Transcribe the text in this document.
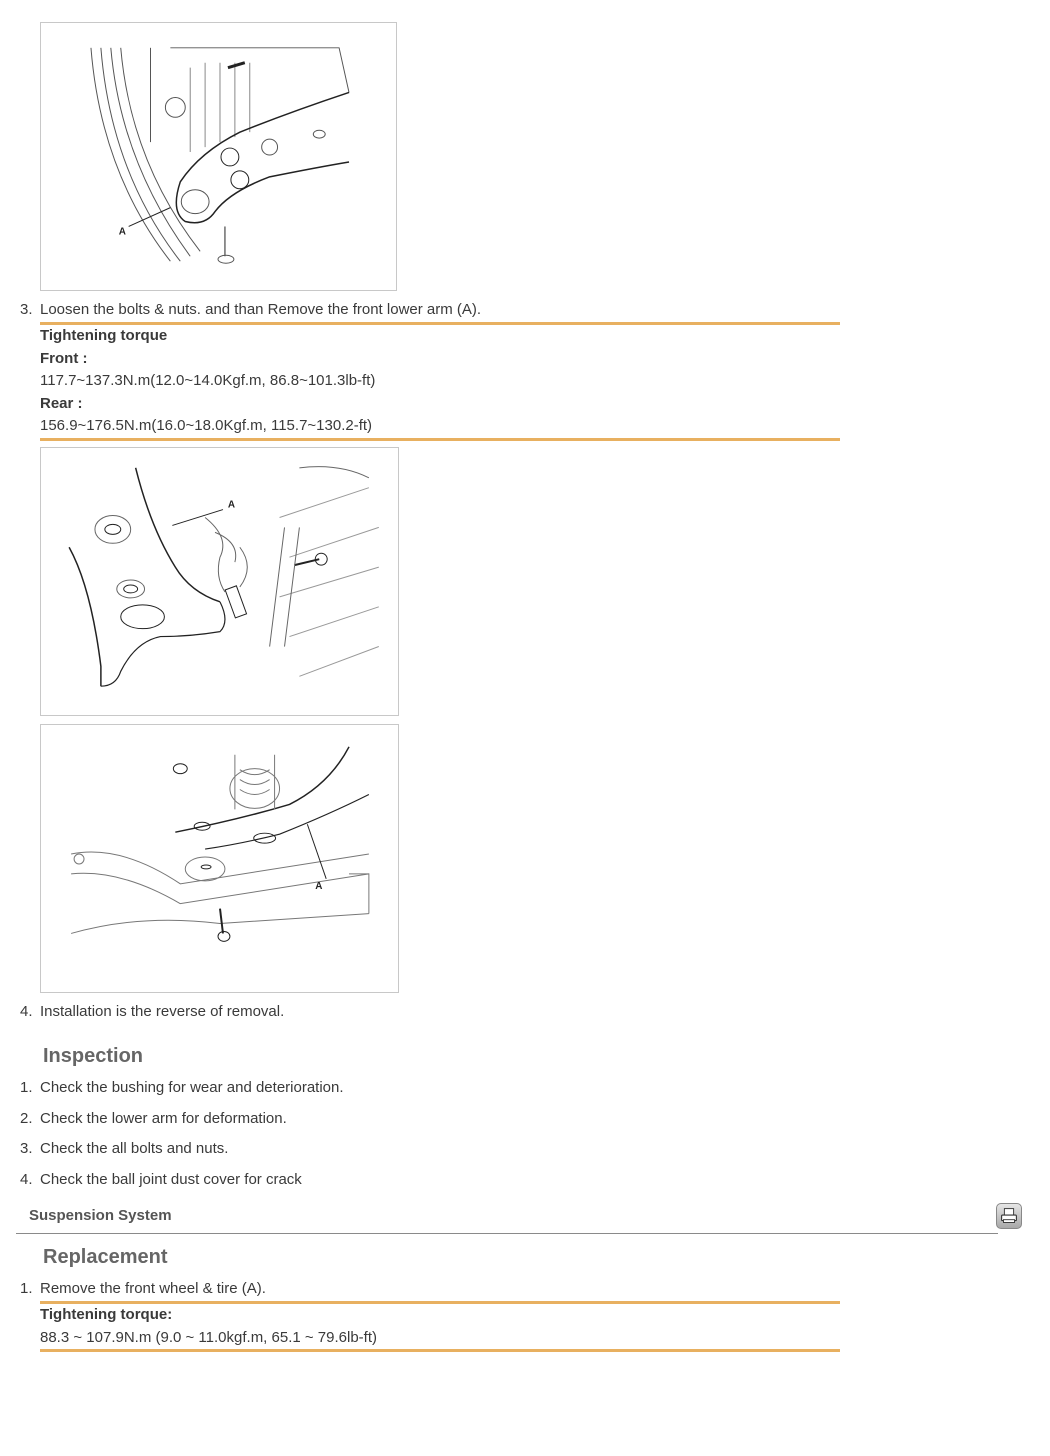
A
3. Loosen the bolts & nuts. and than Remove the front lower arm (A).
Tightening torque
Front :
117.7~137.3N.m(12.0~14.0Kgf.m, 86.8~101.3lb-ft)
Rear :
156.9~176.5N.m(16.0~18.0Kgf.m, 115.7~130.2-ft)
A
A
4. Installation is the reverse of removal.
Inspection
1. Check the bushing for wear and deterioration.
2. Check the lower arm for deformation.
3. Check the all bolts and nuts.
4. Check the ball joint dust cover for crack
Suspension System
Replacement
1. Remove the front wheel & tire (A).
Tightening torque:
88.3 ~ 107.9N.m (9.0 ~ 11.0kgf.m, 65.1 ~ 79.6lb-ft)
